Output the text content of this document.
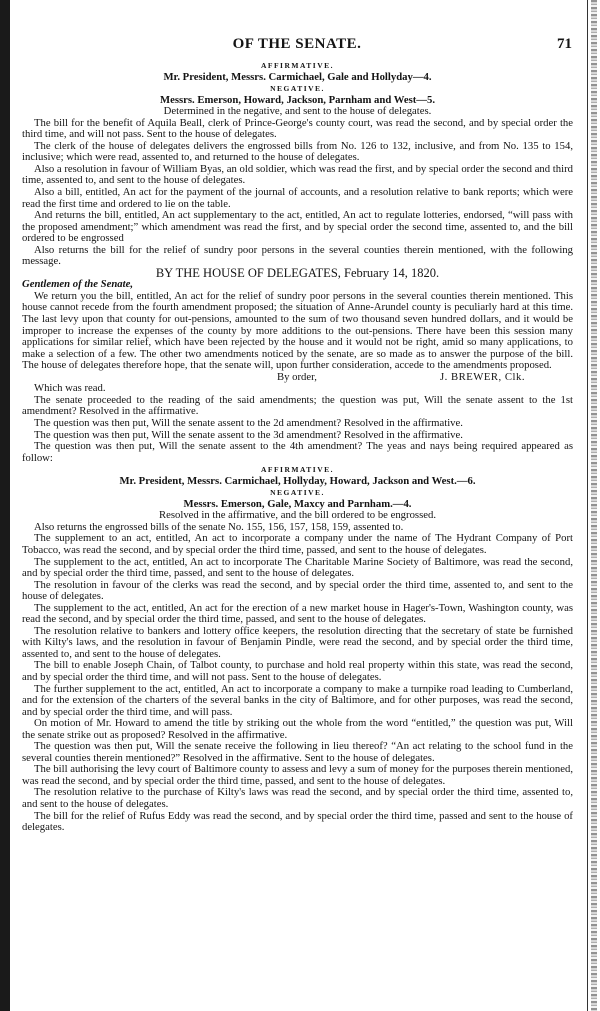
OF THE SENATE.	71
AFFIRMATIVE.
Mr. President, Messrs. Carmichael, Gale and Hollyday—4.
NEGATIVE.
Messrs. Emerson, Howard, Jackson, Parnham and West—5.
Determined in the negative, and sent to the house of delegates.
The bill for the benefit of Aquila Beall, clerk of Prince-George's county court, was read the second, and by special order the third time, and will not pass. Sent to the house of delegates.
The clerk of the house of delegates delivers the engrossed bills from No. 126 to 132, inclusive, and from No. 135 to 154, inclusive; which were read, assented to, and returned to the house of delegates.
Also a resolution in favour of William Byas, an old soldier, which was read the first, and by special order the second and third time, assented to, and sent to the house of delegates.
Also a bill, entitled, An act for the payment of the journal of accounts, and a resolution relative to bank reports; which were read the first time and ordered to lie on the table.
And returns the bill, entitled, An act supplementary to the act, entitled, An act to regulate lotteries, endorsed, “will pass with the proposed amendment;” which amendment was read the first, and by special order the second time, assented to, and the bill ordered to be engrossed
Also returns the bill for the relief of sundry poor persons in the several counties therein mentioned, with the following message.
BY THE HOUSE OF DELEGATES, February 14, 1820.
Gentlemen of the Senate,
We return you the bill, entitled, An act for the relief of sundry poor persons in the several counties therein mentioned. This house cannot recede from the fourth amendment proposed; the situation of Anne-Arundel county is peculiarly hard at this time. The last levy upon that county for out-pensions, amounted to the sum of two thousand seven hundred dollars, and it would be improper to increase the expenses of the county by more additions to the out-pensions. There have been this session many applications for similar relief, which have been rejected by the house and it would not be right, amid so many applications, to make a selection of a few. The other two amendments noticed by the senate, are so made as to answer the purpose of the bill. The house of delegates therefore hope, that the senate will, upon further consideration, accede to the amendments proposed.
By order,	J. BREWER, Clk.
Which was read.
The senate proceeded to the reading of the said amendments; the question was put, Will the senate assent to the 1st amendment? Resolved in the affirmative.
The question was then put, Will the senate assent to the 2d amendment? Resolved in the affirmative.
The question was then put, Will the senate assent to the 3d amendment? Resolved in the affirmative.
The question was then put, Will the senate assent to the 4th amendment? The yeas and nays being required appeared as follow:
AFFIRMATIVE.
Mr. President, Messrs. Carmichael, Hollyday, Howard, Jackson and West.—6.
NEGATIVE.
Messrs. Emerson, Gale, Maxcy and Parnham.—4.
Resolved in the affirmative, and the bill ordered to be engrossed.
Also returns the engrossed bills of the senate No. 155, 156, 157, 158, 159, assented to.
The supplement to an act, entitled, An act to incorporate a company under the name of The Hydrant Company of Port Tobacco, was read the second, and by special order the third time, passed, and sent to the house of delegates.
The supplement to the act, entitled, An act to incorporate The Charitable Marine Society of Baltimore, was read the second, and by special order the third time, passed, and sent to the house of delegates.
The resolution in favour of the clerks was read the second, and by special order the third time, assented to, and sent to the house of delegates.
The supplement to the act, entitled, An act for the erection of a new market house in Hager's-Town, Washington county, was read the second, and by special order the third time, passed, and sent to the house of delegates.
The resolution relative to bankers and lottery office keepers, the resolution directing that the secretary of state be furnished with Kilty's laws, and the resolution in favour of Benjamin Pindle, were read the second, and by special order the third time, assented to, and sent to the house of delegates.
The bill to enable Joseph Chain, of Talbot county, to purchase and hold real property within this state, was read the second, and by special order the third time, and will not pass. Sent to the house of delegates.
The further supplement to the act, entitled, An act to incorporate a company to make a turnpike road leading to Cumberland, and for the extension of the charters of the several banks in the city of Baltimore, and for other purposes, was read the second, and by special order the third time, and will pass.
On motion of Mr. Howard to amend the title by striking out the whole from the word “entitled,” the question was put, Will the senate strike out as proposed? Resolved in the affirmative.
The question was then put, Will the senate receive the following in lieu thereof? “An act relating to the school fund in the several counties therein mentioned?” Resolved in the affirmative. Sent to the house of delegates.
The bill authorising the levy court of Baltimore county to assess and levy a sum of money for the purposes therein mentioned, was read the second, and by special order the third time, passed, and sent to the house of delegates.
The resolution relative to the purchase of Kilty's laws was read the second, and by special order the third time, assented to, and sent to the house of delegates.
The bill for the relief of Rufus Eddy was read the second, and by special order the third time, passed and sent to the house of delegates.
